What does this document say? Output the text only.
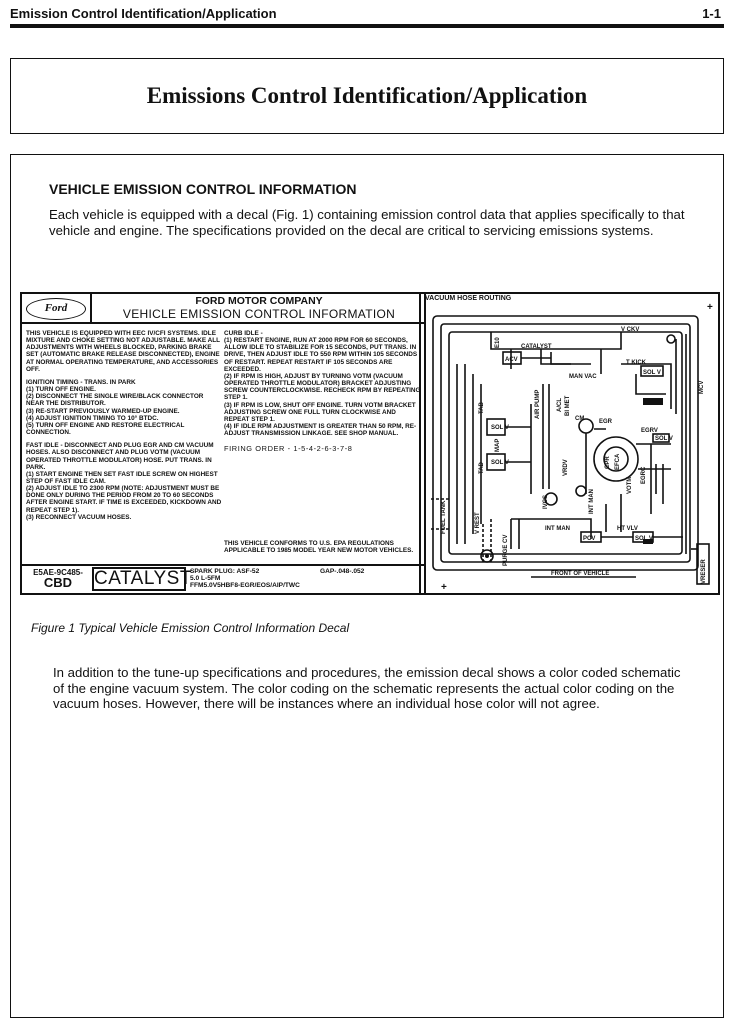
Emission Control Identification/Application	1-1
Emissions Control Identification/Application
VEHICLE EMISSION CONTROL INFORMATION

Each vehicle is equipped with a decal (Fig. 1) containing emission control data that applies specifically to that vehicle and engine. The specifications provided on the decal are critical to servicing emissions systems.

Ford
FORD MOTOR COMPANY
VEHICLE EMISSION CONTROL INFORMATION
THIS VEHICLE IS EQUIPPED WITH EEC IV/CFI SYSTEMS. IDLE MIXTURE AND CHOKE SETTING NOT ADJUSTABLE. MAKE ALL ADJUSTMENTS WITH WHEELS BLOCKED, PARKING BRAKE SET (AUTOMATIC BRAKE RELEASE DISCONNECTED), ENGINE AT NORMAL OPERATING TEMPERATURE, AND ACCESSORIES OFF.
IGNITION TIMING - TRANS. IN PARK
(1) TURN OFF ENGINE.
(2) DISCONNECT THE SINGLE WIRE/BLACK CONNECTOR NEAR THE DISTRIBUTOR.
(3) RE-START PREVIOUSLY WARMED-UP ENGINE.
(4) ADJUST IGNITION TIMING TO 10° BTDC.
(5) TURN OFF ENGINE AND RESTORE ELECTRICAL CONNECTION.
FAST IDLE - DISCONNECT AND PLUG EGR AND CM VACUUM HOSES. ALSO DISCONNECT AND PLUG VOTM (VACUUM OPERATED THROTTLE MODULATOR) HOSE. PUT TRANS. IN PARK.
(1) START ENGINE THEN SET FAST IDLE SCREW ON HIGHEST STEP OF FAST IDLE CAM.
(2) ADJUST IDLE TO 2300 RPM (NOTE: ADJUSTMENT MUST BE DONE ONLY DURING THE PERIOD FROM 20 TO 60 SECONDS AFTER ENGINE START. IF TIME IS EXCEEDED, KICKDOWN AND REPEAT STEP 1).
(3) RECONNECT VACUUM HOSES.
CURB IDLE -
(1) RESTART ENGINE, RUN AT 2000 RPM FOR 60 SECONDS, ALLOW IDLE TO STABILIZE FOR 15 SECONDS, PUT TRANS. IN DRIVE, THEN ADJUST IDLE TO 550 RPM WITHIN 105 SECONDS OF RESTART. REPEAT RESTART IF 105 SECONDS ARE EXCEEDED.
(2) IF RPM IS HIGH, ADJUST BY TURNING VOTM (VACUUM OPERATED THROTTLE MODULATOR) BRACKET ADJUSTING SCREW COUNTERCLOCKWISE. RECHECK RPM BY REPEATING STEP 1.
(3) IF RPM IS LOW, SHUT OFF ENGINE. TURN VOTM BRACKET ADJUSTING SCREW ONE FULL TURN CLOCKWISE AND REPEAT STEP 1.
(4) IF IDLE RPM ADJUSTMENT IS GREATER THAN 50 RPM, RE-ADJUST TRANSMISSION LINKAGE. SEE SHOP MANUAL.
FIRING ORDER - 1-5-4-2-6-3-7-8
THIS VEHICLE CONFORMS TO U.S. EPA REGULATIONS APPLICABLE TO 1985 MODEL YEAR NEW MOTOR VEHICLES.
E5AE-9C485-
CBD	CATALYST
SPARK PLUG: ASF-52	GAP-.048-.052
5.0 L-5FM
FFM5.0V5HBF8-EGR/EOS/AIP/TWC
V CKV
E10	CATALYST
ACV	T KICK
SOL V
SOL V
SOL V
SOL V
SOL V
MCV
TAB
TAD
MAP
AIR PUMP	A/CL BI MET
MAN VAC
EGR
EGRV
EGRC
CM
EFCA
VOTM
CPR
VRDV
IVCS
INT MAN
INT MAN
PCV
HT VLV
FUEL TANK	V REST
PURGE CV
VRESER
FRONT OF VEHICLE
+
+
VACUUM HOSE ROUTING
Figure 1 Typical Vehicle Emission Control Information Decal

In addition to the tune-up specifications and procedures, the emission decal shows a color coded schematic of the engine vacuum system. The color coding on the schematic represents the actual color coding on the vacuum hoses. However, there will be instances where an individual hose color will not agree.
